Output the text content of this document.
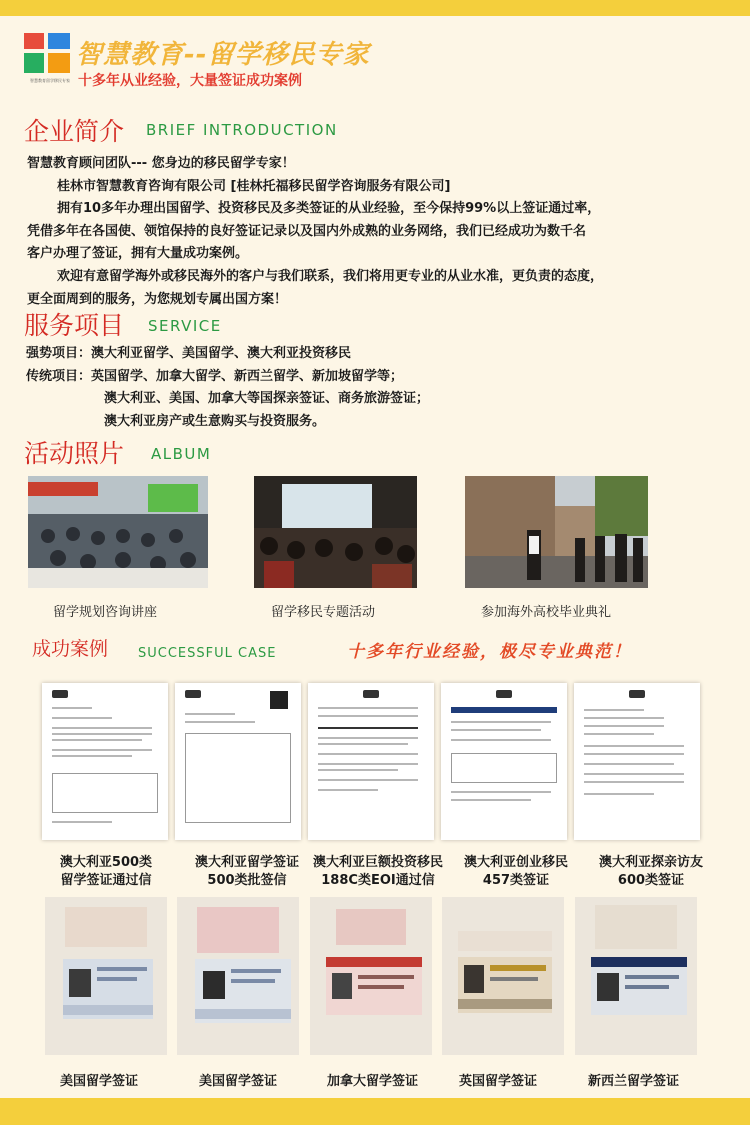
智慧教育留学移民专家
智慧教育--留学移民专家
十多年从业经验，大量签证成功案例
企业简介 BRIEF INTRODUCTION

智慧教育顾问团队--- 您身边的移民留学专家！

桂林市智慧教育咨询有限公司 [桂林托福移民留学咨询服务有限公司]

拥有10多年办理出国留学、投资移民及多类签证的从业经验，至今保持99%以上签证通过率，

凭借多年在各国使、领馆保持的良好签证记录以及国内外成熟的业务网络，我们已经成功为数千名

客户办理了签证，拥有大量成功案例。

欢迎有意留学海外或移民海外的客户与我们联系，我们将用更专业的从业水准，更负责的态度，

更全面周到的服务，为您规划专属出国方案！

服务项目 SERVICE
强势项目：澳大利亚留学、美国留学、澳大利亚投资移民
传统项目：英国留学、加拿大留学、新西兰留学、新加坡留学等；
澳大利亚、美国、加拿大等国探亲签证、商务旅游签证；
澳大利亚房产或生意购买与投资服务。
活动照片 ALBUM
留学规划咨询讲座	留学移民专题活动	参加海外高校毕业典礼
成功案例 SUCCESSFUL CASE	十多年行业经验，极尽专业典范！
澳大利亚500类
留学签证通过信
澳大利亚留学签证
500类批签信
澳大利亚巨额投资移民
188C类EOI通过信
澳大利亚创业移民
457类签证
澳大利亚探亲访友
600类签证
美国留学签证	美国留学签证	加拿大留学签证	英国留学签证	新西兰留学签证
